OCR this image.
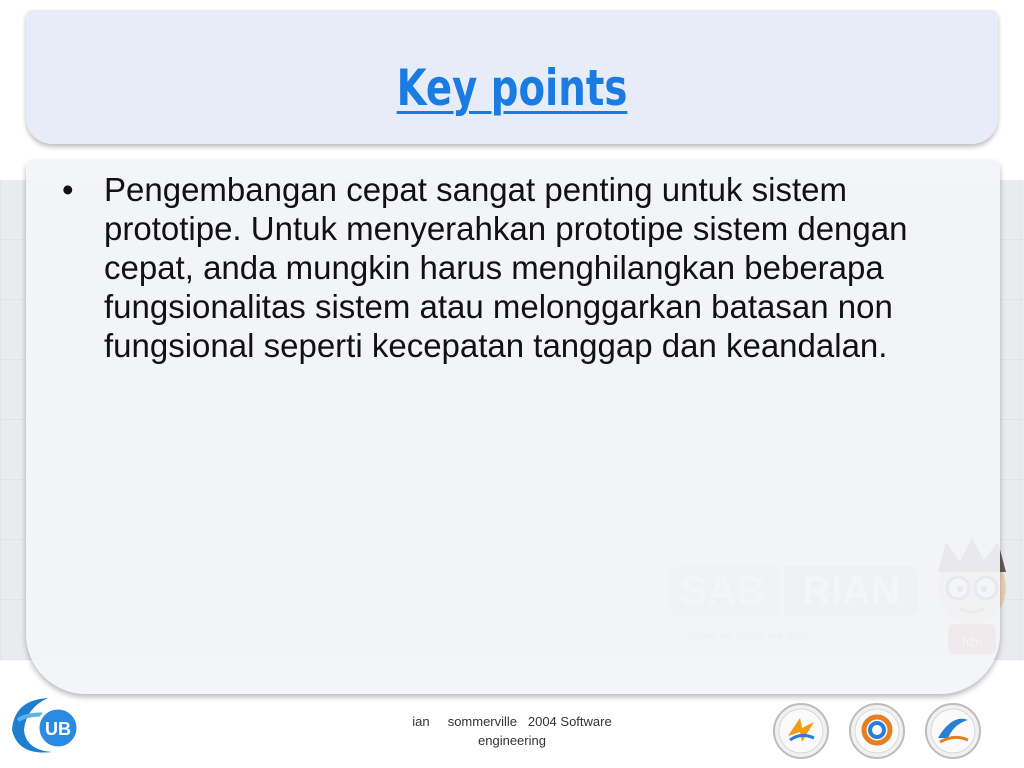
Key points
• Pengembangan cepat sangat penting untuk sistem prototipe. Untuk menyerahkan prototipe sistem dengan cepat, anda mungkin harus menghilangkan beberapa fungsionalitas sistem atau melonggarkan batasan non fungsional seperti kecepatan tanggap dan keandalan.
ian     sommerville   2004 Software
engineering
UB
